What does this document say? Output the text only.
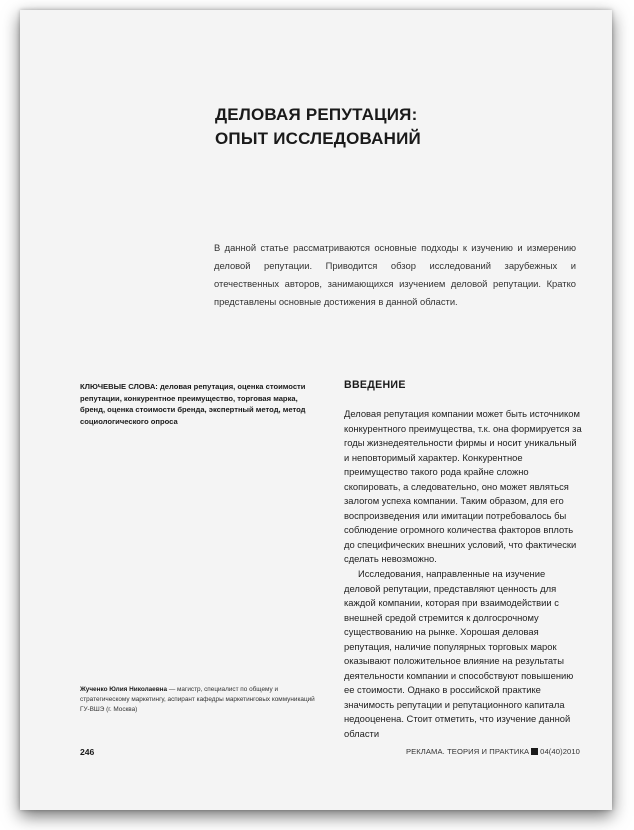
ДЕЛОВАЯ РЕПУТАЦИЯ:
ОПЫТ ИССЛЕДОВАНИЙ
В данной статье рассматриваются основные подходы к изучению и измерению деловой репутации. Приводится обзор исследований зарубежных и отечественных авторов, занимающихся изучением деловой репутации. Кратко представлены основные достижения в данной области.
КЛЮЧЕВЫЕ СЛОВА: деловая репутация, оценка стоимости репутации, конкурентное преимущество, торговая марка, бренд, оценка стоимости бренда, экспертный метод, метод социологического опроса
ВВЕДЕНИЕ

Деловая репутация компании может быть источником конкурентного преимущества, т.к. она формируется за годы жизнедеятельности фирмы и носит уникальный и неповторимый характер. Конкурентное преимущество такого рода крайне сложно скопировать, а следовательно, оно может являться залогом успеха компании. Таким образом, для его воспроизведения или имитации потребовалось бы соблюдение огромного количества факторов вплоть до специфических внешних условий, что фактически сделать невозможно.

Исследования, направленные на изучение деловой репутации, представляют ценность для каждой компании, которая при взаимодействии с внешней средой стремится к долгосрочному существованию на рынке. Хорошая деловая репутация, наличие популярных торговых марок оказывают положительное влияние на результаты деятельности компании и способствуют повышению ее стоимости. Однако в российской практике значимость репутации и репутационного капитала недооценена. Стоит отметить, что изучение данной области

Жученко Юлия Николаевна — магистр, специалист по общему и стратегическому маркетингу, аспирант кафедры маркетинговых коммуникаций ГУ-ВШЭ (г. Москва)
246	РЕКЛАМА. ТЕОРИЯ И ПРАКТИКА 04(40)2010
